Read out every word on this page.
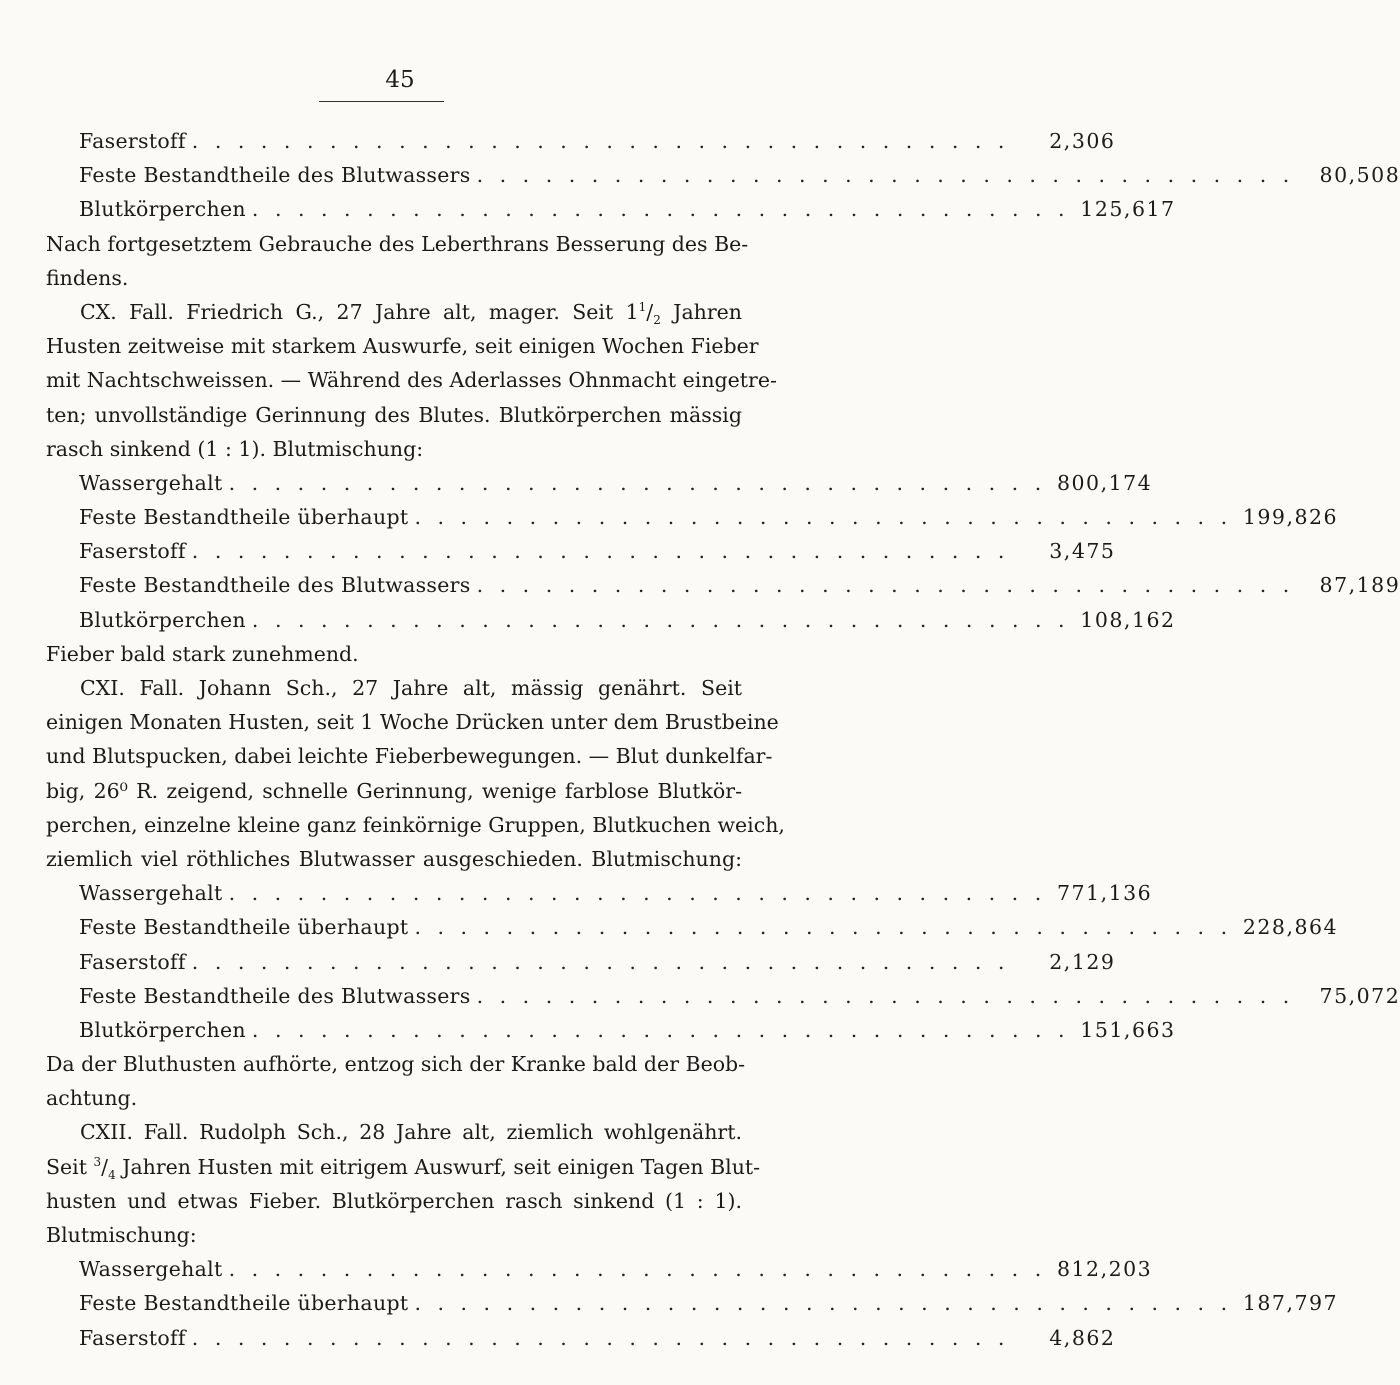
45
Faserstoff . . . . . . . . . . . . . . . . . . . . . . . . . . . . . . . . . . . .	2,306
Feste Bestandtheile des Blutwassers . . . . . . . . . . . . . . . . . . . . . . . . . . . . . . . . . . . .	80,508
Blutkörperchen . . . . . . . . . . . . . . . . . . . . . . . . . . . . . . . . . . . . 125,617
Nach fortgesetztem Gebrauche des Leberthrans Besserung des Be-
findens.
CX. Fall. Friedrich G., 27 Jahre alt, mager. Seit $1^1/_2$ Jahren
Husten zeitweise mit starkem Auswurfe, seit einigen Wochen Fieber
mit Nachtschweissen. — Während des Aderlasses Ohnmacht eingetre-
ten; unvollständige Gerinnung des Blutes. Blutkörperchen mässig
rasch sinkend (1 : 1). Blutmischung:
Wassergehalt . . . . . . . . . . . . . . . . . . . . . . . . . . . . . . . . . . . . 800,174
Feste Bestandtheile überhaupt . . . . . . . . . . . . . . . . . . . . . . . . . . . . . . . . . . . . 199,826
Faserstoff . . . . . . . . . . . . . . . . . . . . . . . . . . . . . . . . . . . .	3,475
Feste Bestandtheile des Blutwassers . . . . . . . . . . . . . . . . . . . . . . . . . . . . . . . . . . . .	87,189
Blutkörperchen . . . . . . . . . . . . . . . . . . . . . . . . . . . . . . . . . . . . 108,162
Fieber bald stark zunehmend.
CXI. Fall. Johann Sch., 27 Jahre alt, mässig genährt. Seit
einigen Monaten Husten, seit 1 Woche Drücken unter dem Brustbeine
und Blutspucken, dabei leichte Fieberbewegungen. — Blut dunkelfar-
big, 26⁰ R. zeigend, schnelle Gerinnung, wenige farblose Blutkör-
perchen, einzelne kleine ganz feinkörnige Gruppen, Blutkuchen weich,
ziemlich viel röthliches Blutwasser ausgeschieden. Blutmischung:
Wassergehalt . . . . . . . . . . . . . . . . . . . . . . . . . . . . . . . . . . . . 771,136
Feste Bestandtheile überhaupt . . . . . . . . . . . . . . . . . . . . . . . . . . . . . . . . . . . . 228,864
Faserstoff . . . . . . . . . . . . . . . . . . . . . . . . . . . . . . . . . . . .	2,129
Feste Bestandtheile des Blutwassers . . . . . . . . . . . . . . . . . . . . . . . . . . . . . . . . . . . .	75,072
Blutkörperchen . . . . . . . . . . . . . . . . . . . . . . . . . . . . . . . . . . . . 151,663
Da der Bluthusten aufhörte, entzog sich der Kranke bald der Beob-
achtung.
CXII. Fall. Rudolph Sch., 28 Jahre alt, ziemlich wohlgenährt.
Seit $^3/_4$ Jahren Husten mit eitrigem Auswurf, seit einigen Tagen Blut-
husten und etwas Fieber. Blutkörperchen rasch sinkend (1 : 1).
Blutmischung:
Wassergehalt . . . . . . . . . . . . . . . . . . . . . . . . . . . . . . . . . . . . 812,203
Feste Bestandtheile überhaupt . . . . . . . . . . . . . . . . . . . . . . . . . . . . . . . . . . . . 187,797
Faserstoff . . . . . . . . . . . . . . . . . . . . . . . . . . . . . . . . . . . .	4,862
